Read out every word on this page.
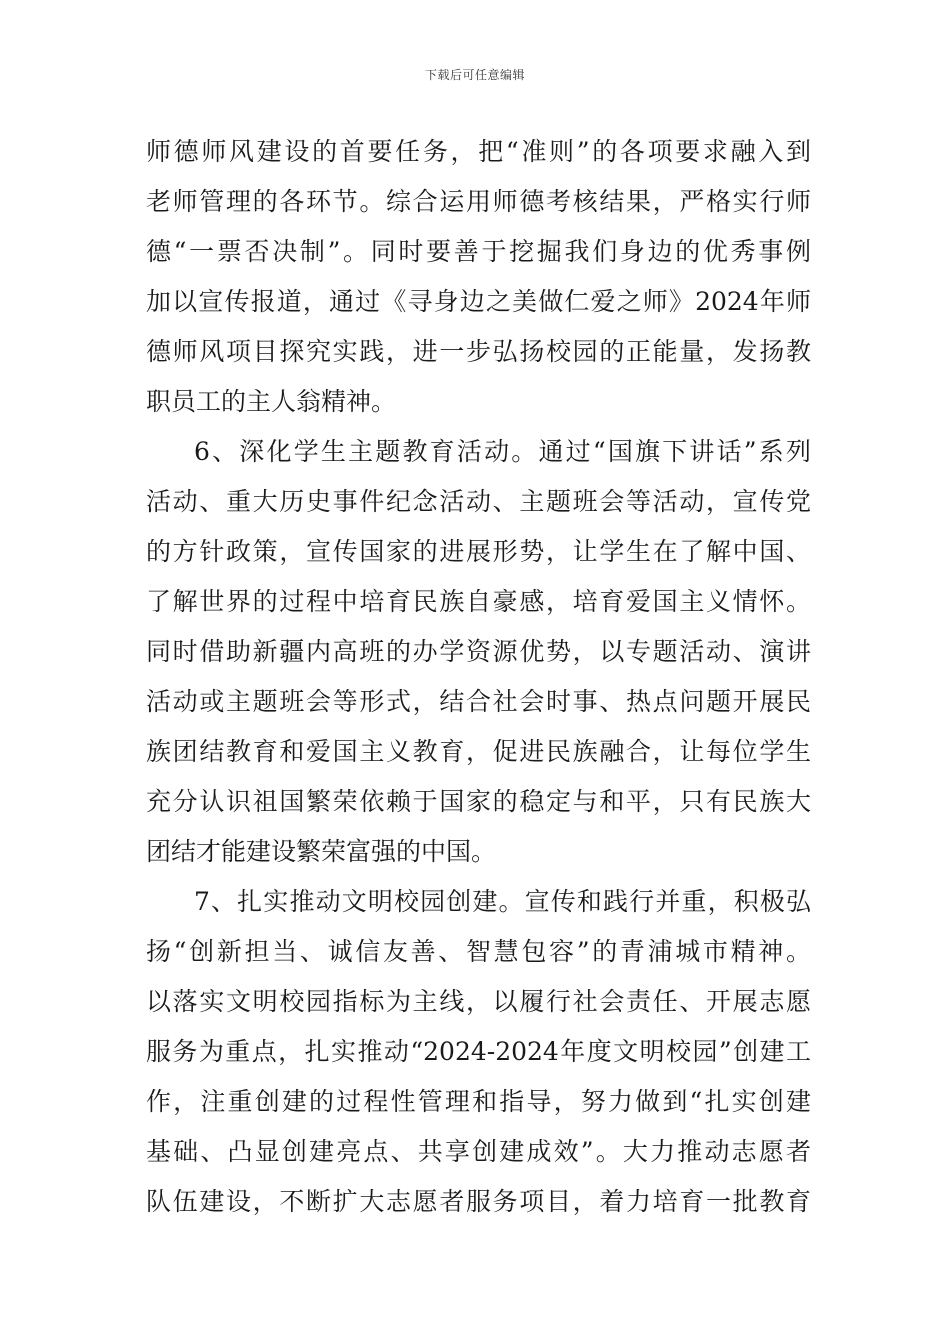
下载后可任意编辑
师德师风建设的首要任务，把“准则”的各项要求融入到
老师管理的各环节。综合运用师德考核结果，严格实行师
德“一票否决制”。同时要善于挖掘我们身边的优秀事例
加以宣传报道，通过《寻身边之美做仁爱之师》2024年师
德师风项目探究实践，进一步弘扬校园的正能量，发扬教
职员工的主人翁精神。
6、深化学生主题教育活动。通过“国旗下讲话”系列
活动、重大历史事件纪念活动、主题班会等活动，宣传党
的方针政策，宣传国家的进展形势，让学生在了解中国、
了解世界的过程中培育民族自豪感，培育爱国主义情怀。
同时借助新疆内高班的办学资源优势，以专题活动、演讲
活动或主题班会等形式，结合社会时事、热点问题开展民
族团结教育和爱国主义教育，促进民族融合，让每位学生
充分认识祖国繁荣依赖于国家的稳定与和平，只有民族大
团结才能建设繁荣富强的中国。
7、扎实推动文明校园创建。宣传和践行并重，积极弘
扬“创新担当、诚信友善、智慧包容”的青浦城市精神。
以落实文明校园指标为主线，以履行社会责任、开展志愿
服务为重点，扎实推动“2024-2024年度文明校园”创建工
作，注重创建的过程性管理和指导，努力做到“扎实创建
基础、凸显创建亮点、共享创建成效”。大力推动志愿者
队伍建设，不断扩大志愿者服务项目，着力培育一批教育
